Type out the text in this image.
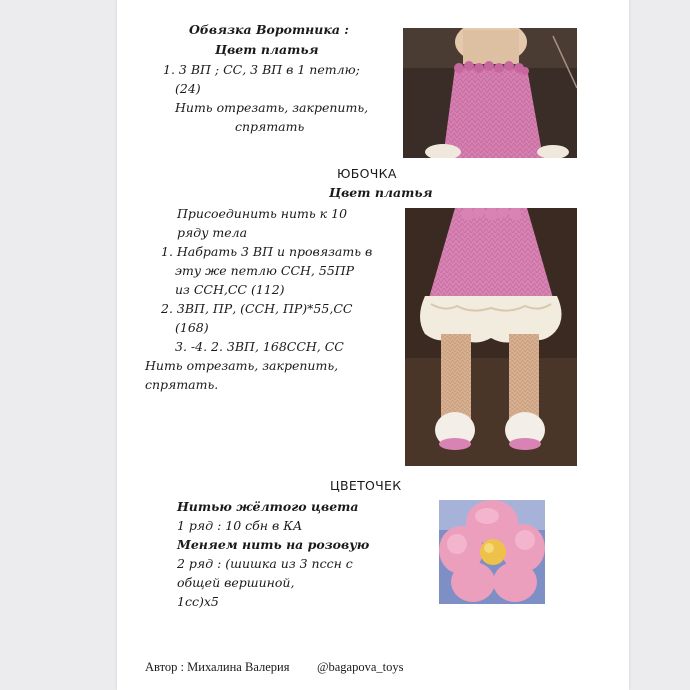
Обвязка Воротника :
Цвет платья
1. 3 ВП ; СС, 3 ВП в 1 петлю;
(24)
Нить отрезать, закрепить,
спрятать
ЮБОЧКА
Цвет платья
Присоединить нить к 10
ряду тела
1. Набрать 3 ВП и провязать в
эту же петлю ССН, 55ПР
из ССН,СС (112)
2. 3ВП, ПР, (ССН, ПР)*55,СС
(168)
3. -4. 2. 3ВП, 168ССН, СС
Нить отрезать, закрепить,
спрятать.
ЦВЕТОЧЕК
Нитью жёлтого цвета
1 ряд : 10 сбн в КА
Меняем нить на розовую
2 ряд : (шишка из 3 пссн с
общей вершиной,
1сс)х5
Автор : Михалина Валерия @bagapova_toys
